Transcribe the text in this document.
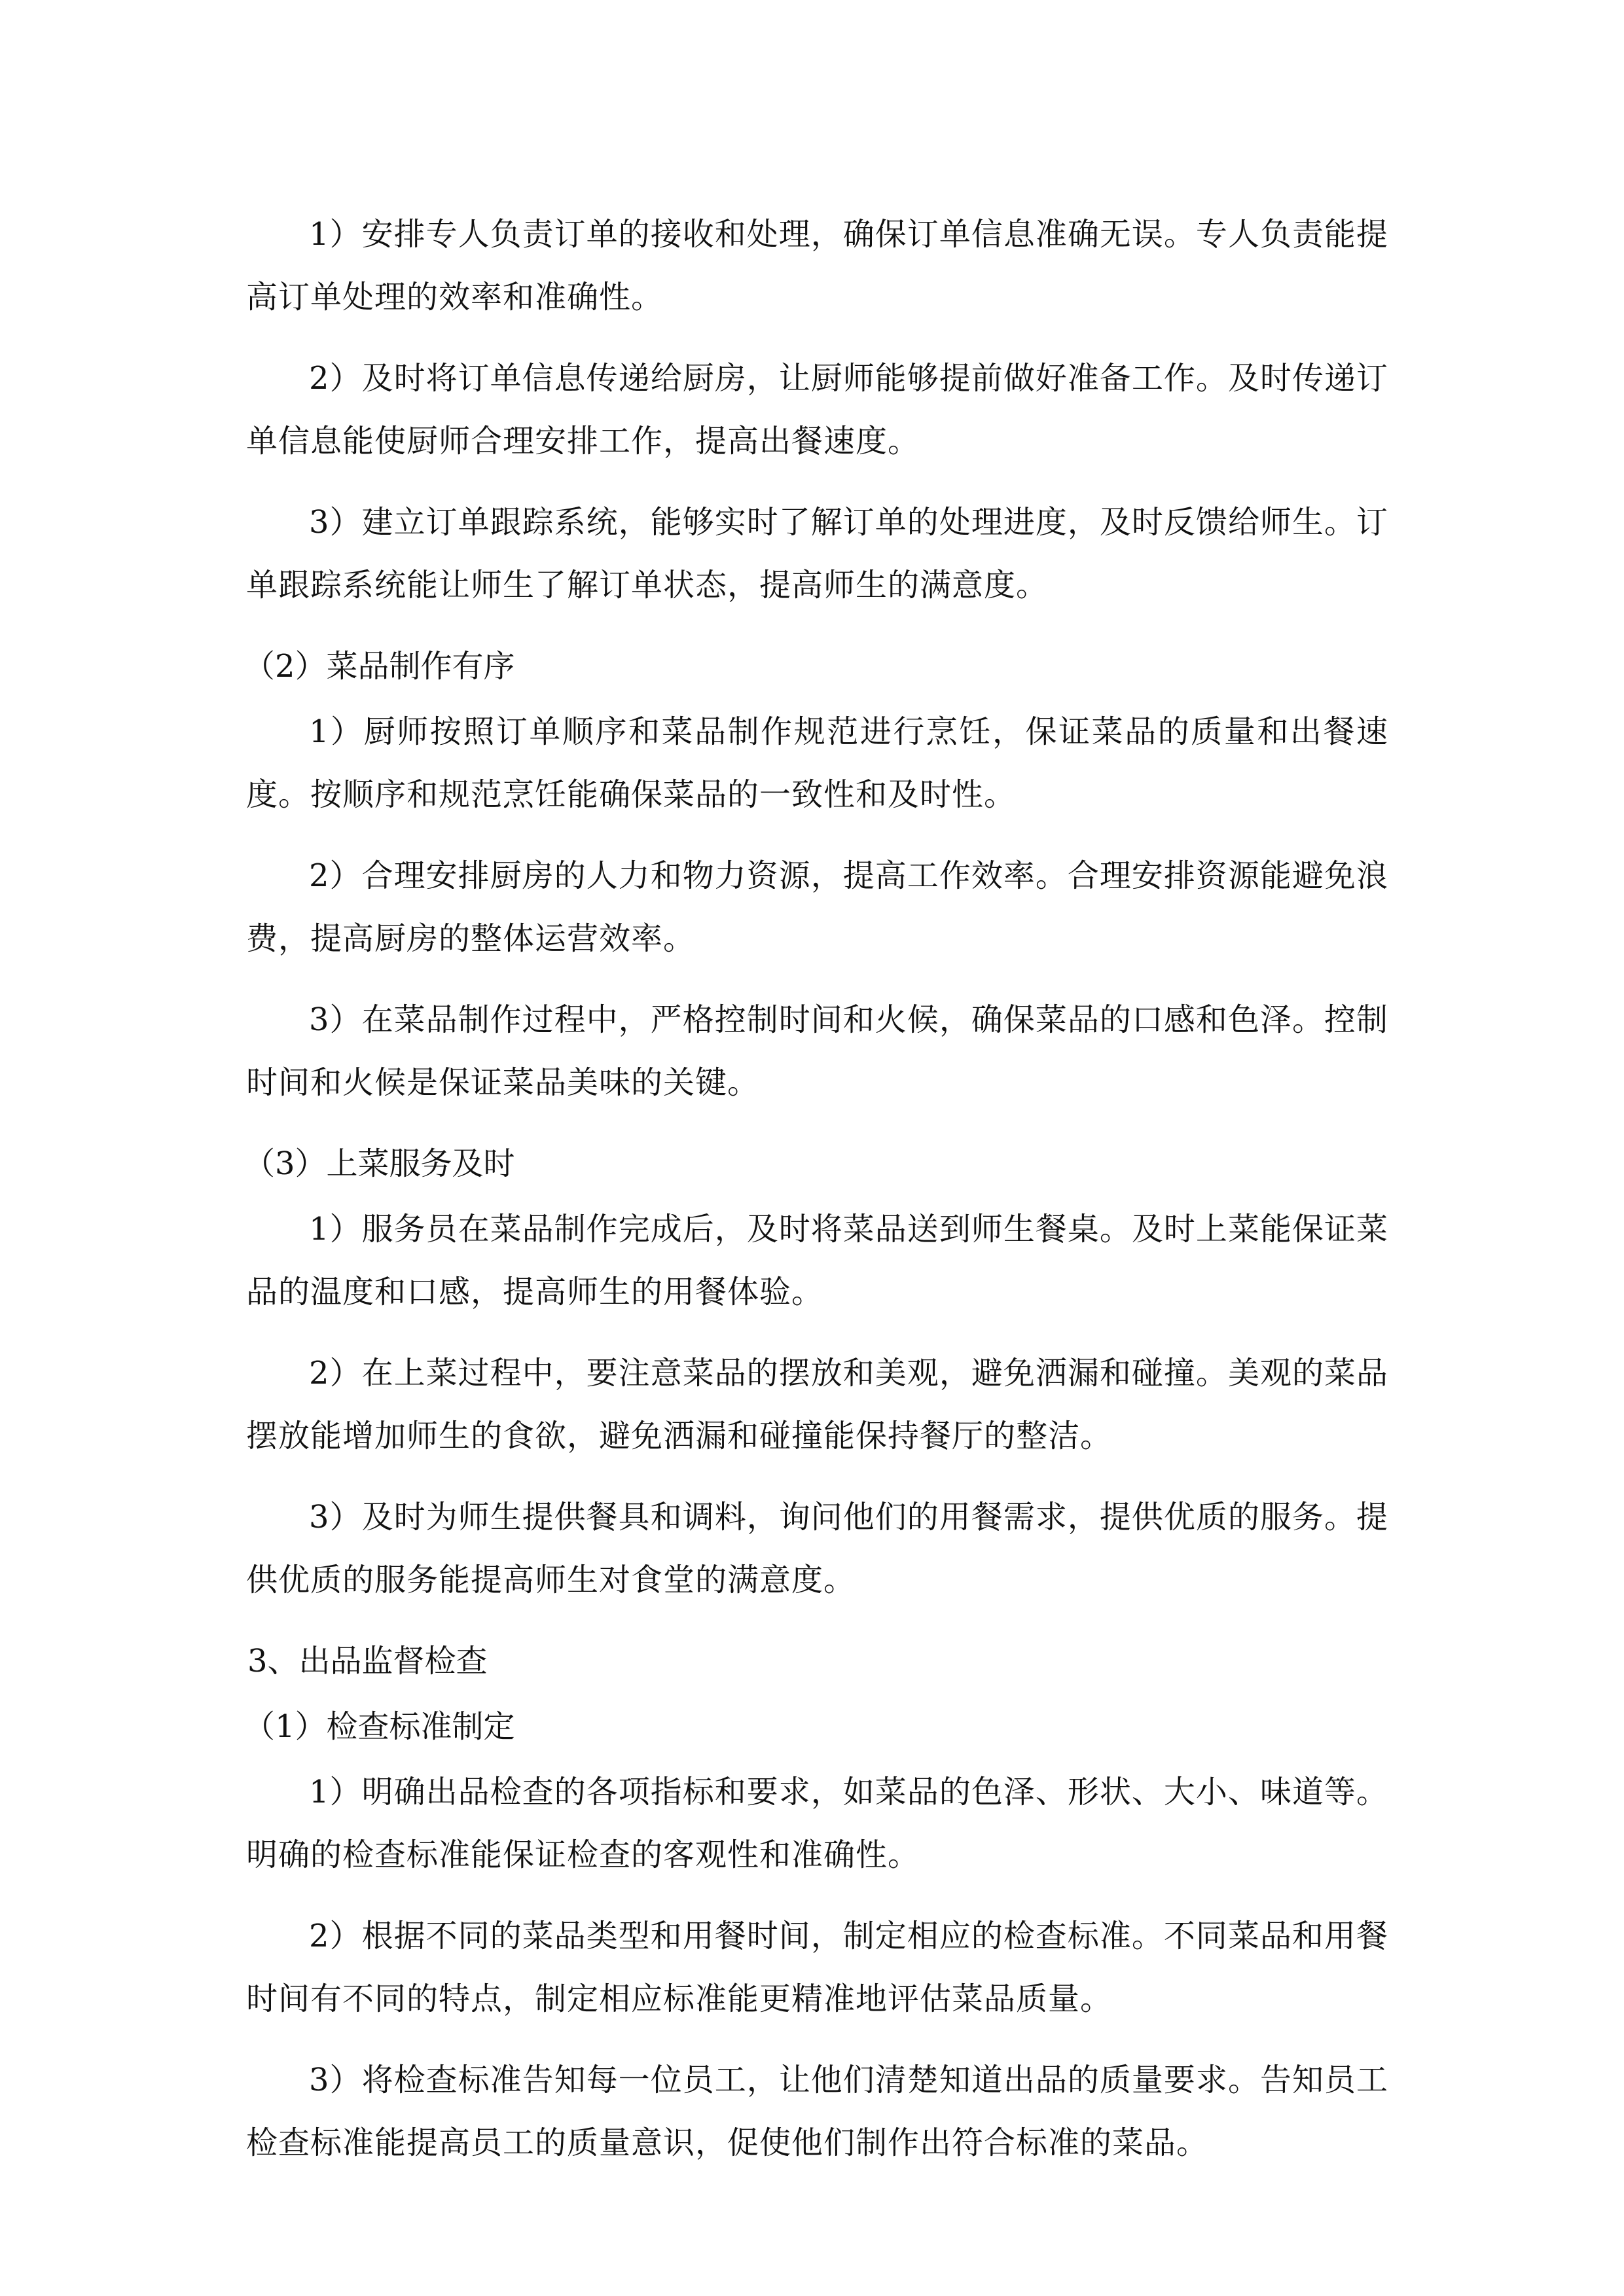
1）安排专人负责订单的接收和处理，确保订单信息准确无误。专人负责能提高订单处理的效率和准确性。

2）及时将订单信息传递给厨房，让厨师能够提前做好准备工作。及时传递订单信息能使厨师合理安排工作，提高出餐速度。

3）建立订单跟踪系统，能够实时了解订单的处理进度，及时反馈给师生。订单跟踪系统能让师生了解订单状态，提高师生的满意度。

（2）菜品制作有序

1）厨师按照订单顺序和菜品制作规范进行烹饪，保证菜品的质量和出餐速度。按顺序和规范烹饪能确保菜品的一致性和及时性。

2）合理安排厨房的人力和物力资源，提高工作效率。合理安排资源能避免浪费，提高厨房的整体运营效率。

3）在菜品制作过程中，严格控制时间和火候，确保菜品的口感和色泽。控制时间和火候是保证菜品美味的关键。

（3）上菜服务及时

1）服务员在菜品制作完成后，及时将菜品送到师生餐桌。及时上菜能保证菜品的温度和口感，提高师生的用餐体验。

2）在上菜过程中，要注意菜品的摆放和美观，避免洒漏和碰撞。美观的菜品摆放能增加师生的食欲，避免洒漏和碰撞能保持餐厅的整洁。

3）及时为师生提供餐具和调料，询问他们的用餐需求，提供优质的服务。提供优质的服务能提高师生对食堂的满意度。

3、出品监督检查

（1）检查标准制定

1）明确出品检查的各项指标和要求，如菜品的色泽、形状、大小、味道等。明确的检查标准能保证检查的客观性和准确性。

2）根据不同的菜品类型和用餐时间，制定相应的检查标准。不同菜品和用餐时间有不同的特点，制定相应标准能更精准地评估菜品质量。

3）将检查标准告知每一位员工，让他们清楚知道出品的质量要求。告知员工检查标准能提高员工的质量意识，促使他们制作出符合标准的菜品。
